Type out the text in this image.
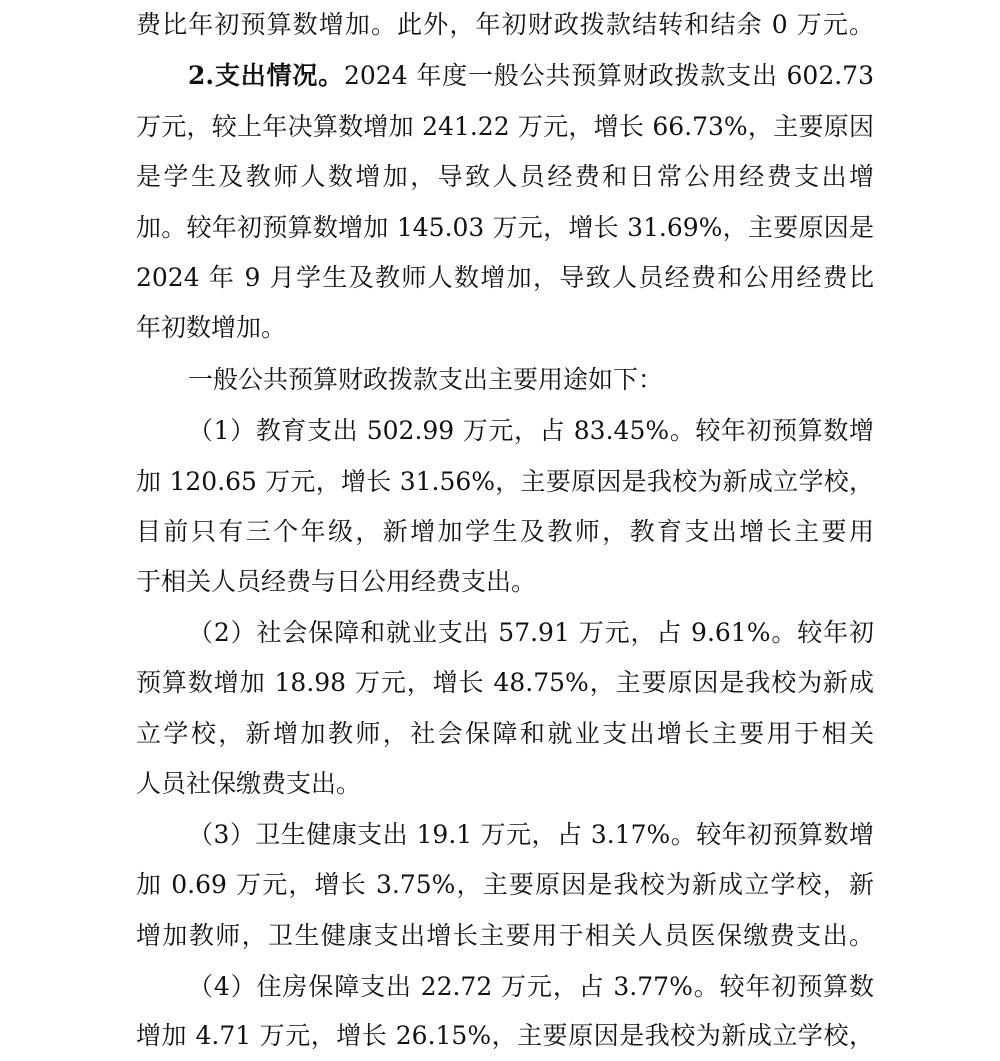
费比年初预算数增加。此外，年初财政拨款结转和结余 0 万元。
2.支出情况。2024 年度一般公共预算财政拨款支出 602.73
万元，较上年决算数增加 241.22 万元，增长 66.73%，主要原因
是学生及教师人数增加，导致人员经费和日常公用经费支出增
加。较年初预算数增加 145.03 万元，增长 31.69%，主要原因是
2024 年 9 月学生及教师人数增加，导致人员经费和公用经费比
年初数增加。
一般公共预算财政拨款支出主要用途如下：
（1）教育支出 502.99 万元，占 83.45%。较年初预算数增
加 120.65 万元，增长 31.56%，主要原因是我校为新成立学校，
目前只有三个年级，新增加学生及教师，教育支出增长主要用
于相关人员经费与日公用经费支出。
（2）社会保障和就业支出 57.91 万元，占 9.61%。较年初
预算数增加 18.98 万元，增长 48.75%，主要原因是我校为新成
立学校，新增加教师，社会保障和就业支出增长主要用于相关
人员社保缴费支出。
（3）卫生健康支出 19.1 万元，占 3.17%。较年初预算数增
加 0.69 万元，增长 3.75%，主要原因是我校为新成立学校，新
增加教师，卫生健康支出增长主要用于相关人员医保缴费支出。
（4）住房保障支出 22.72 万元，占 3.77%。较年初预算数
增加 4.71 万元，增长 26.15%，主要原因是我校为新成立学校，
